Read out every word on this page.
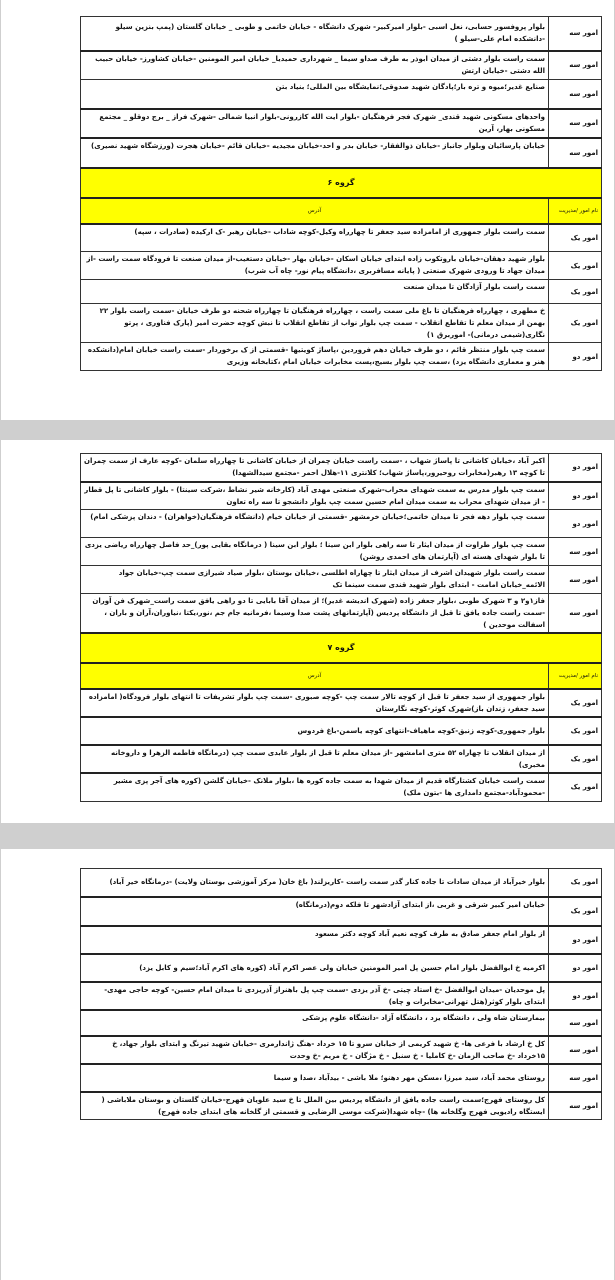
امور سه	بلوار پروفسور حسابی، نعل اسبی -بلوار امیرکبیر- شهرک دانشگاه - خیابان خاتمی و طوبی _ خیابان گلستان (پمپ بنزین سیلو -دانشکده امام علی-سیلو )
امور سه	سمت راست بلوار دشتی از میدان ابوذر به طرف صداو سیما _ شهرداری حمیدیا_ خیابان امیر المومنین -خیابان کشاورز- خیابان حبیب الله دشتی -خیابان ارتش
امور سه	صنایع غدیر؛میوه و تره بار؛پادگان شهید صدوقی؛نمایشگاه بین المللی؛ بنیاد بتن
امور سه	واحدهای مسکونی شهید قندی_ شهرک فجر فرهنگیان -بلوار ایت الله کازرونی-بلوار انبیا شمالی -شهرک فراز _ برج دوقلو _ مجتمع مسکونی بهار، آرین
امور سه	خیابان پارسائیان وبلوار جانباز -خیابان ذوالفقار- خیابان بدر و احد-خیابان مجیدیه -خیابان قائم -خیابان هجرت (ورزشگاه شهید نصیری)
گروه ۶	
نام امور /مدیریت	آدرس
امور یک	سمت راست بلوار جمهوری از امامزاده سید جعفر تا چهارراه وکیل-کوچه شاداب -خیابان رهبر -ک ارکیده (صادرات ، سپه)
امور یک	بلوار شهید دهقان-خیابان باروتکوب زاده ابتدای خیابان اسکان -خیابان بهار -خیابان دستغیب-از میدان صنعت تا فرودگاه سمت راست -از میدان جهاد تا ورودی شهرک صنعتی ( پایانه مسافربری ،دانشگاه پیام نور- چاه آب شرب)
امور یک	سمت راست بلوار آزادگان تا میدان صنعت
امور یک	خ مطهری ، چهارراه فرهنگیان تا باغ ملی سمت راست ، چهارراه فرهنگیان تا چهارراه شحنه دو طرف خیابان -سمت راست بلوار ۲۲ بهمن از میدان معلم تا تقاطع انقلاب - سمت چپ بلوار نواب از تقاطع انقلاب تا نبش کوچه حضرت امیر (پارک فناوری ، پرتو نگاری(شیمی درمانی)- اموربرق ۱)
امور دو	سمت چپ بلوار منتظر قائم ، دو طرف خیابان دهم فروردین ،پاساژ کویتیها -قسمتی از ک برخوردار -سمت راست خیابان امام(دانشکده هنر و معماری دانشگاه یزد) ،سمت چپ بلوار بسیج،پست مخابرات خیابان امام ،کتابخانه وزیری
امور دو	اکبر آباد ،خیابان کاشانی تا پاساژ شهاب ، -سمت راست خیابان چمران از خیابان کاشانی تا چهارراه سلمان -کوچه عارف از سمت چمران تا کوچه ۱۳ رهبر(مخابرات روحیرور،پاساژ شهاب؛ کلانتری ۱۱-هلال احمر -مجتمع سیدالشهدا)
امور دو	سمت چپ بلوار مدرس به سمت شهدای محراب-شهرک صنعتی مهدی آباد (کارخانه شیر نشاط ،شرکت سینتا) - بلوار کاشانی تا پل قطار - از میدان شهدای محراب به سمت میدان امام حسین سمت چپ بلوار دانشجو تا سه راه تعاون
امور دو	سمت چپ بلوار دهه فجر تا میدان خاتمی؛خیابان خرمشهر -قسمتی از خیابان خیام (دانشگاه فرهنگیان(خواهران) - دندان پزشکی امام)
امور سه	سمت چپ بلوار طراوت از میدان ایثار تا سه راهی بلوار ابن سینا ؛ بلوار ابن سینا ( درمانگاه بقایی پور)_حد فاصل چهارراه ریاضی یزدی تا بلوار شهدای هسته ای (آپارتمان های احمدی روشن)
امور سه	سمت راست بلوار شهیدان اشرف از میدان ایثار تا چهاراه اطلسی ،خیابان بوستان ،بلوار صیاد شیرازی سمت چپ-خیابان جواد الائمه_خیابان امامت - ابتدای بلوار شهید قندی سمت سینما تک
امور سه	فاز۱و۲ و ۳ شهرک طوبی ،بلوار جعفر زاده (شهرک اندیشه غدیر)؛ از میدان آقا بابایی تا دو راهی یافق سمت راست_شهرک فن آوران -سمت راست جاده یافق تا قبل از دانشگاه پردیس (آپارتمانهای پشت صدا وسیما ،فرمانیه جام جم ،نور،یکتا ،نیاوران،آران و باران ، اسفالت موحدین )
گروه ۷	
نام امور /مدیریت	آدرس
امور یک	بلوار جمهوری از سید جعفر تا قبل از کوچه تالار سمت چپ -کوچه صبوری -سمت چپ بلوار تشریفات تا انتهای بلوار فرودگاه( امامزاده سید جعفر، زندان باز)شهرک کوثر-کوچه نگارستان
امور یک	بلوار جمهوری-کوچه زنبق-کوچه ماهیاف-انتهای کوچه یاسمن-باغ فردوس
امور یک	از میدان انقلاب تا چهاراه ۵۲ متری امامشهر -از میدان معلم تا قبل از بلوار عابدی سمت چپ (درمانگاه فاطمه الزهرا و داروخانه مخبری)
امور یک	سمت راست خیابان کشتارگاه قدیم از میدان شهدا به سمت جاده کوره ها ،بلوار ملانک -خیابان گلشن (کوره های آجر پزی مشیر -محمودآباد-مجتمع دامداری ها -بتون ملک)
امور یک	بلوار خیرآباد از میدان سادات تا جاده کنار گذر سمت راست -کاریزلند( باغ خان( مرکز آموزشی بوستان ولایت) -درمانگاه خیر آباد)
امور یک	خیابان امیر کبیر شرقی و غربی ،از ابتدای آزادشهر تا فلکه دوم(درمانگاه)
امور دو	از بلوار امام جعفر صادق به طرف کوچه نعیم آباد کوچه دکتر مسعود
امور دو	اکرمیه خ ابوالفضل بلوار امام حسین پل امیر المومنین خیابان ولی عصر اکرم آباد (کوره های اکرم آباد؛سیم و کابل یزد)
امور دو	پل موحدیان -میدان ابوالفضل -خ استاد چیتی -خ آذر یزدی -سمت چپ پل باهنراز آذریزدی تا میدان امام حسین- کوچه حاجی مهدی- ابتدای بلوار کوثر(هتل تهرانی-مخابرات و چاه)
امور سه	بیمارستان شاه ولی ، دانشگاه یزد ، دانشگاه آزاد -دانشگاه علوم پزشکی
امور سه	کل خ ارشاد با فرعی ها- خ شهید کریمی از خیابان سرو تا ۱۵ خرداد -هنگ ژاندارمری -خیابان شهید تیرنگ و ابتدای بلوار جهاد، خ ۱۵خرداد -خ صاحب الزمان -خ کاملیا - خ سنبل - خ مژگان - خ مریم -خ وحدت
امور سه	روستای محمد آباد، سید میرزا ،مسکن مهر دهنو؛ ملا باشی - بیدآباد ،صدا و سیما
امور سه	کل روستای فهرج؛سمت راست جاده یافق از دانشگاه پردیس بین الملل تا خ سید علویان فهرج-خیابان گلستان و بوستان ملاباشی ( ایستگاه رادیویی فهرج وگلخانه ها) -چاه شهدا(شرکت موسی الرضایی و قسمتی از گلخانه های ابتدای جاده فهرج)
